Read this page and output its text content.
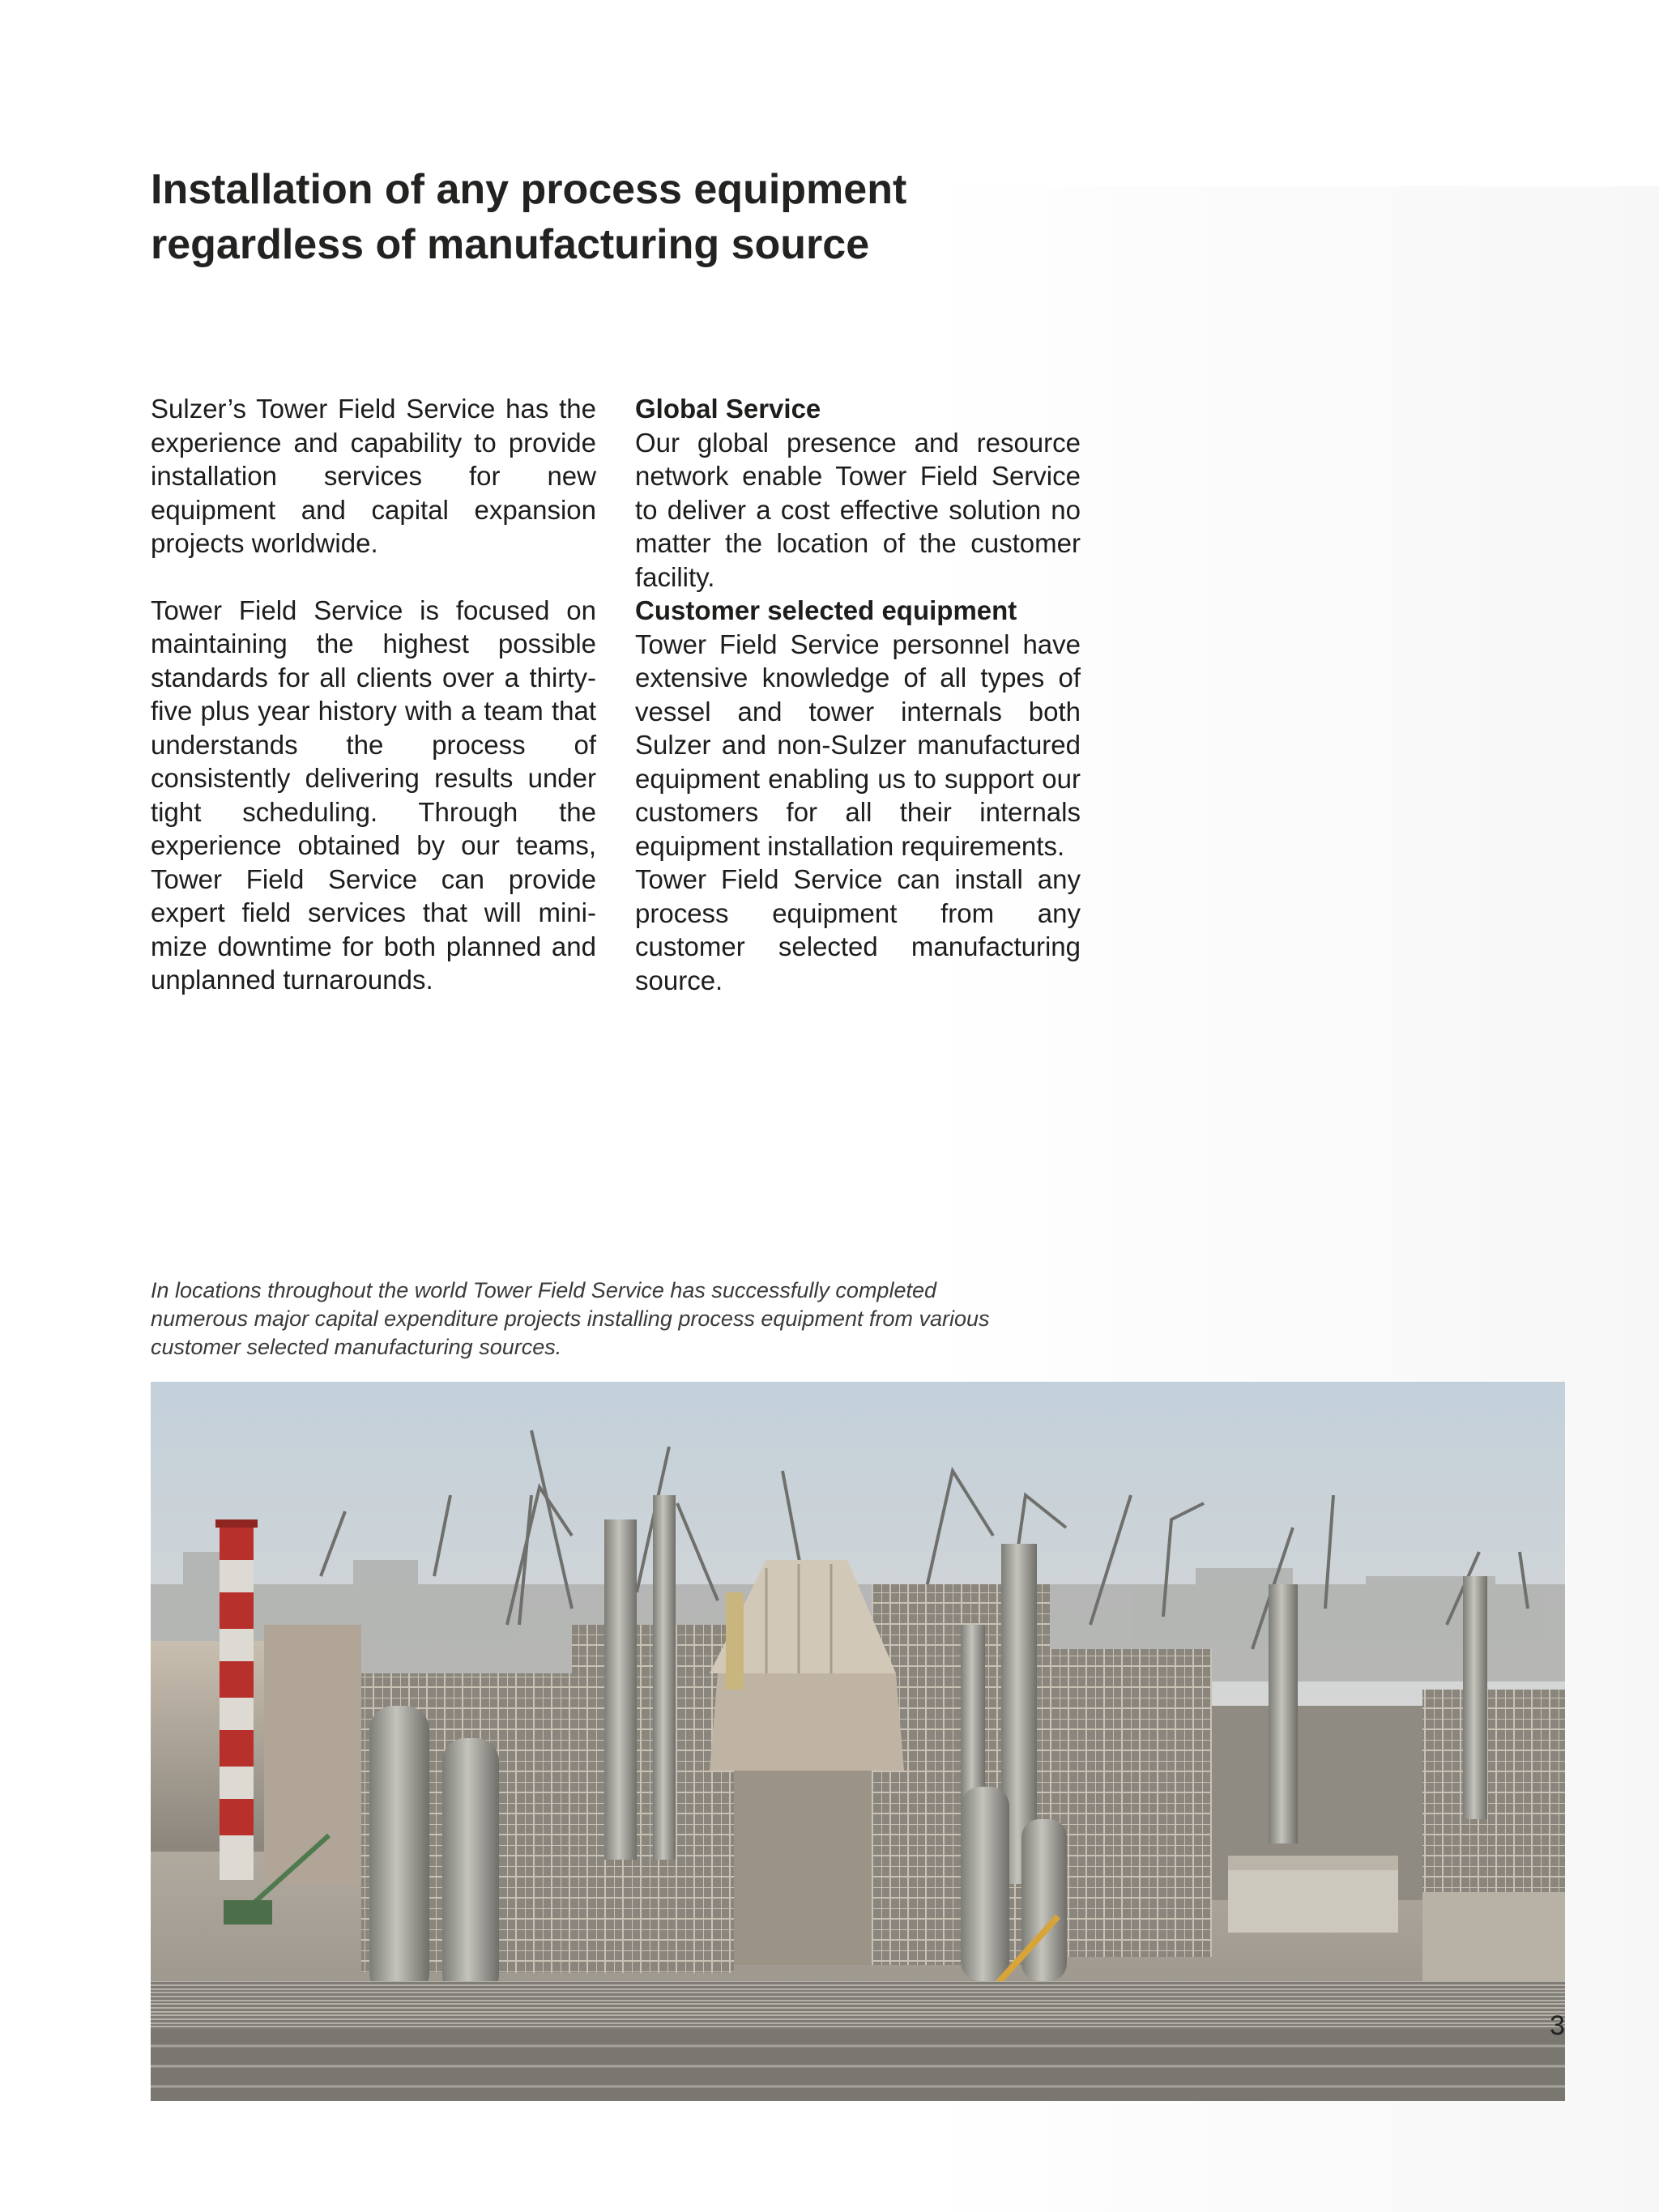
Installation of any process equipment
regardless of manufacturing source

Sulzer’s Tower Field Service has the experience and capability to provide installation services for new equipment and capital expansion projects worldwide.

Tower Field Service is focused on maintaining the highest possible standards for all clients over a thirty-five plus year history with a team that understands the process of consistently delivering results under tight scheduling. Through the experience obtained by our teams, Tower Field Service can provide expert field services that will minimize downtime for both planned and unplanned turnarounds.

Global Service

Our global presence and resource network enable Tower Field Service to deliver a cost effective solution no matter the location of the customer facility.

Customer selected equipment

Tower Field Service personnel have extensive knowledge of all types of vessel and tower internals both Sulzer and non-Sulzer manufactured equipment enabling us to support our customers for all their internals equipment installation requirements.

Tower Field Service can install any process equipment from any customer selected manufacturing source.

In locations throughout the world Tower Field Service has successfully completed
numerous major capital expenditure projects installing process equipment from various
customer selected manufacturing sources.

3
